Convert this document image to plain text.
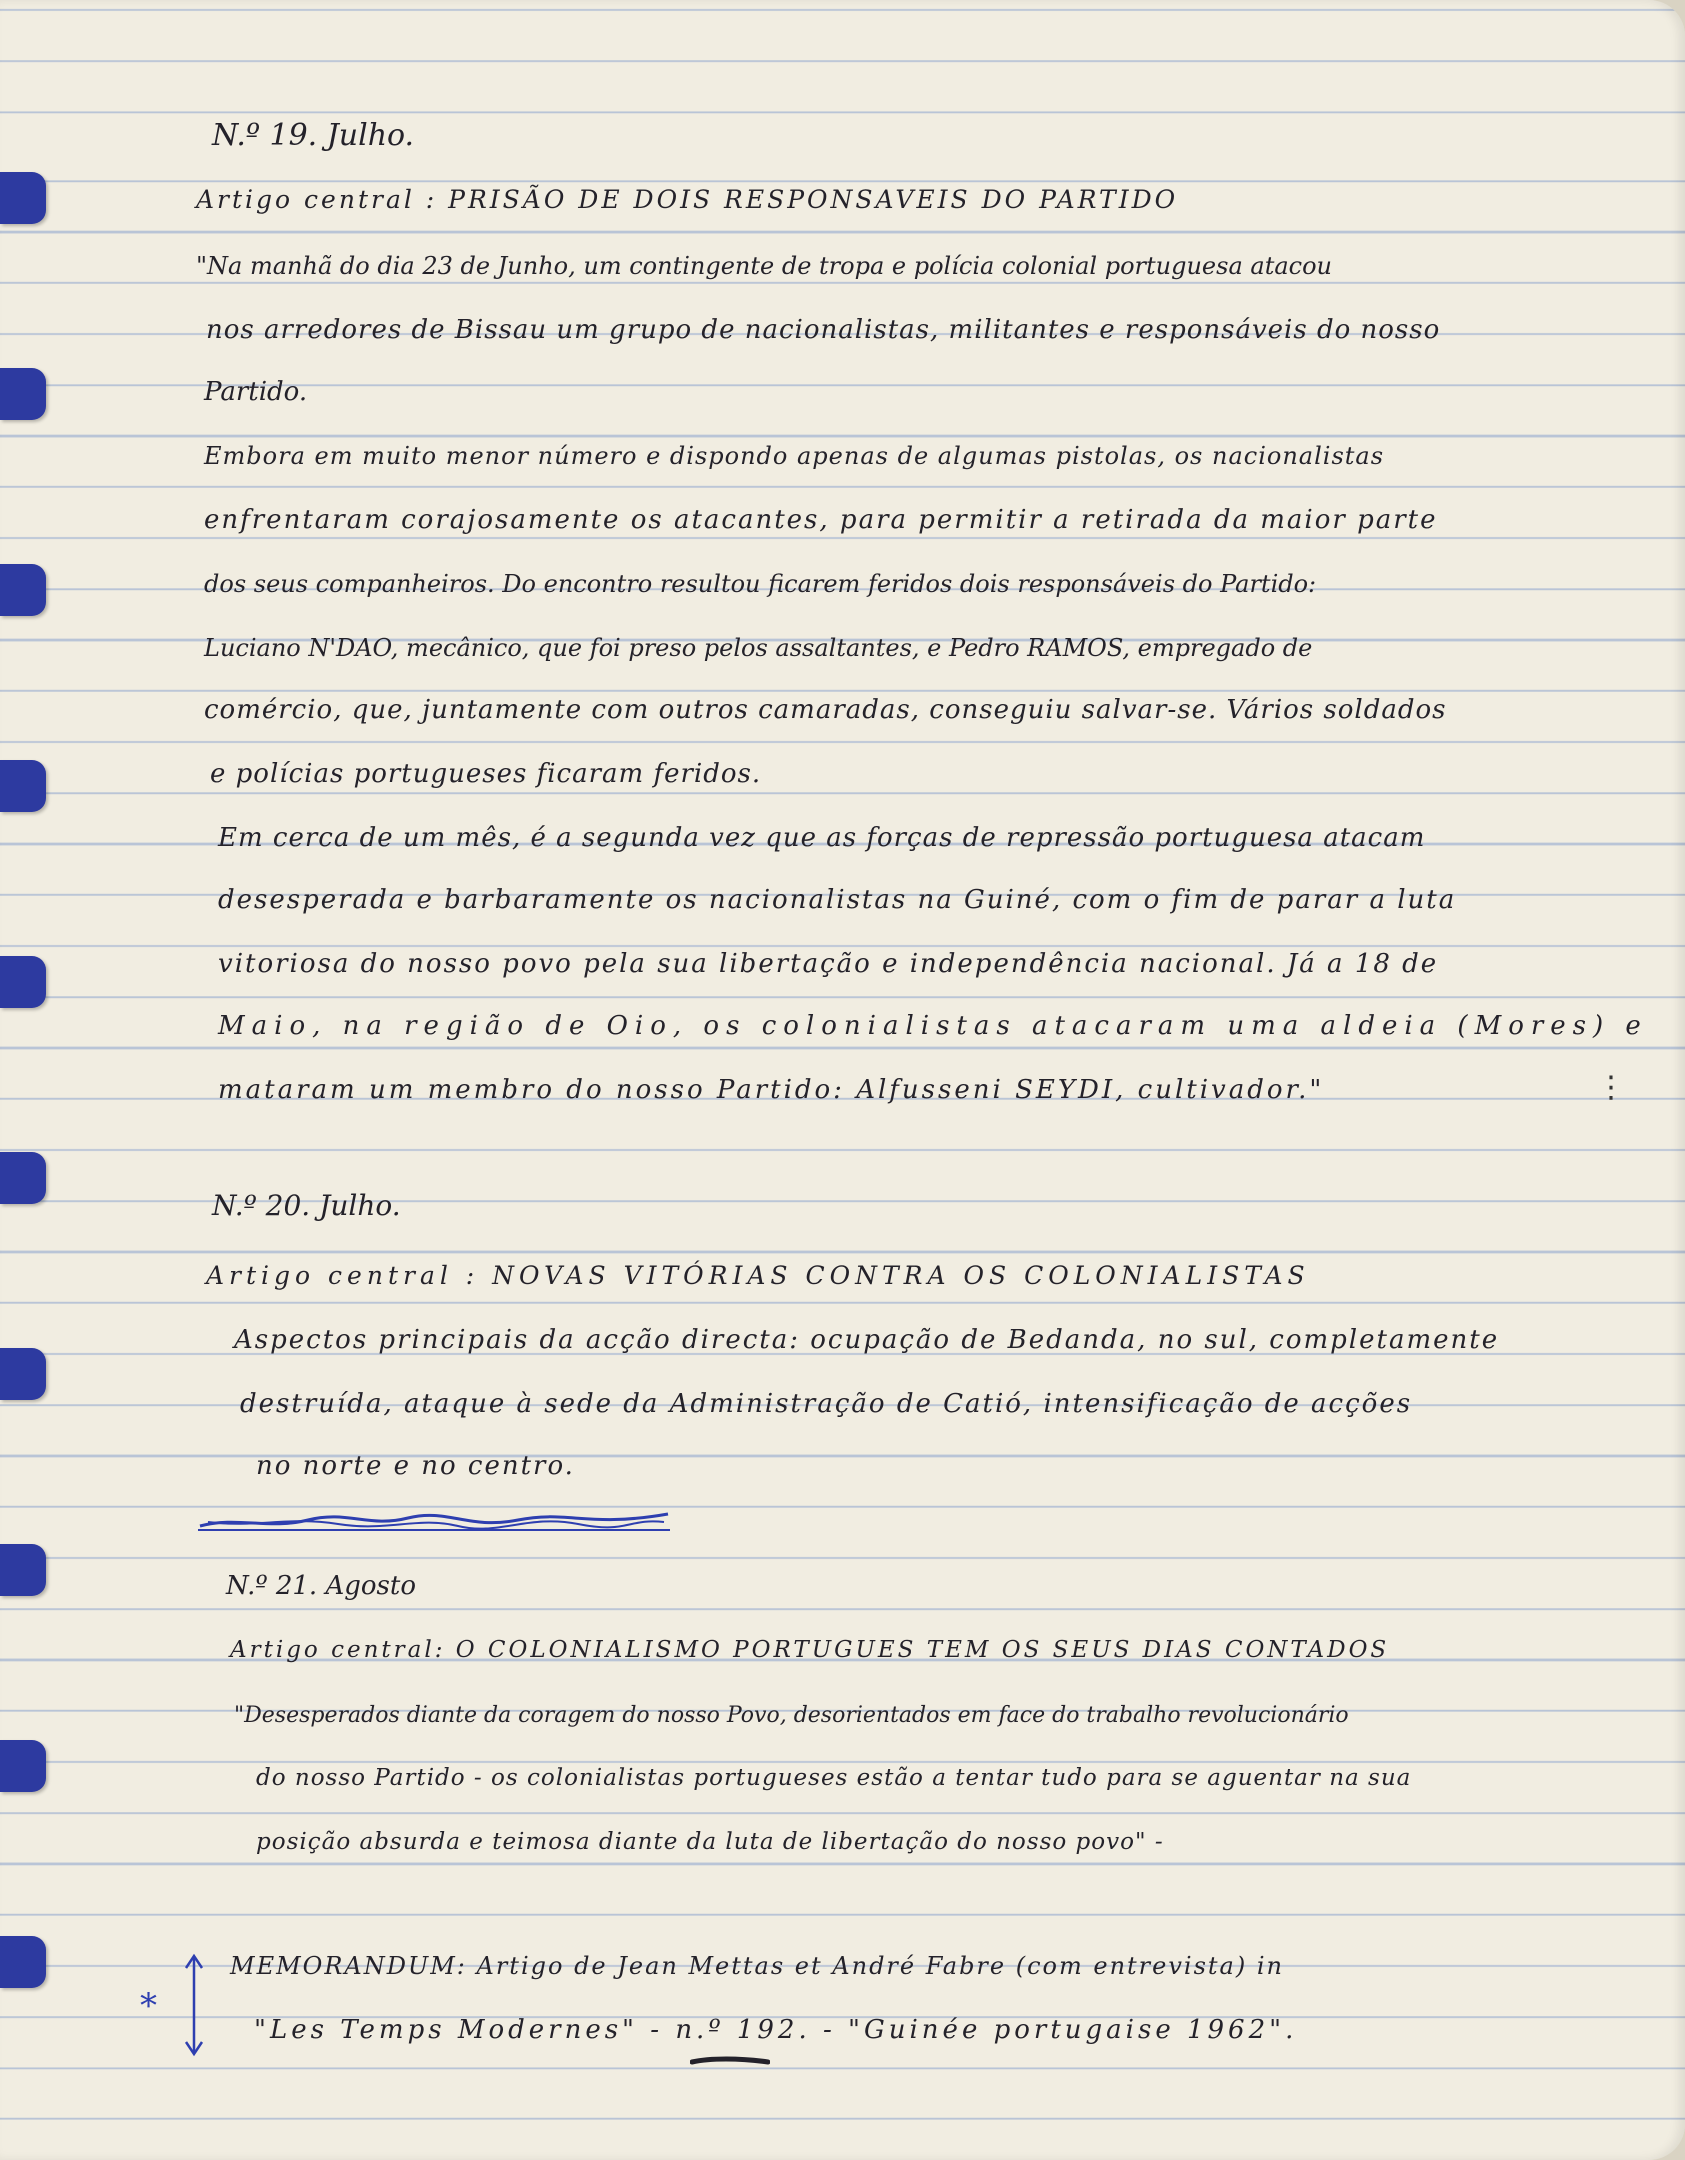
N.º 19. Julho.

Artigo central : PRISÃO DE DOIS RESPONSAVEIS DO PARTIDO

"Na manhã do dia 23 de Junho, um contingente de tropa e polícia colonial portuguesa atacou

nos arredores de Bissau um grupo de nacionalistas, militantes e responsáveis do nosso

Partido.

Embora em muito menor número e dispondo apenas de algumas pistolas, os nacionalistas

enfrentaram corajosamente os atacantes, para permitir a retirada da maior parte

dos seus companheiros. Do encontro resultou ficarem feridos dois responsáveis do Partido:

Luciano N'DAO, mecânico, que foi preso pelos assaltantes, e Pedro RAMOS, empregado de

comércio, que, juntamente com outros camaradas, conseguiu salvar-se. Vários soldados

e polícias portugueses ficaram feridos.

Em cerca de um mês, é a segunda vez que as forças de repressão portuguesa atacam

desesperada e barbaramente os nacionalistas na Guiné, com o fim de parar a luta

vitoriosa do nosso povo pela sua libertação e independência nacional. Já a 18 de

Maio, na região de Oio, os colonialistas atacaram uma aldeia (Mores) e

mataram um membro do nosso Partido: Alfusseni SEYDI, cultivador."	⋮

N.º 20. Julho.

Artigo central : NOVAS VITÓRIAS CONTRA OS COLONIALISTAS

Aspectos principais da acção directa: ocupação de Bedanda, no sul, completamente

destruída, ataque à sede da Administração de Catió, intensificação de acções

no norte e no centro.

N.º 21. Agosto

Artigo central: O COLONIALISMO PORTUGUES TEM OS SEUS DIAS CONTADOS

"Desesperados diante da coragem do nosso Povo, desorientados em face do trabalho revolucionário

do nosso Partido - os colonialistas portugueses estão a tentar tudo para se aguentar na sua

posição absurda e teimosa diante da luta de libertação do nosso povo" -

MEMORANDUM: Artigo de Jean Mettas et André Fabre (com entrevista) in

"Les Temps Modernes" - n.º 192. - "Guinée portugaise 1962".

*
